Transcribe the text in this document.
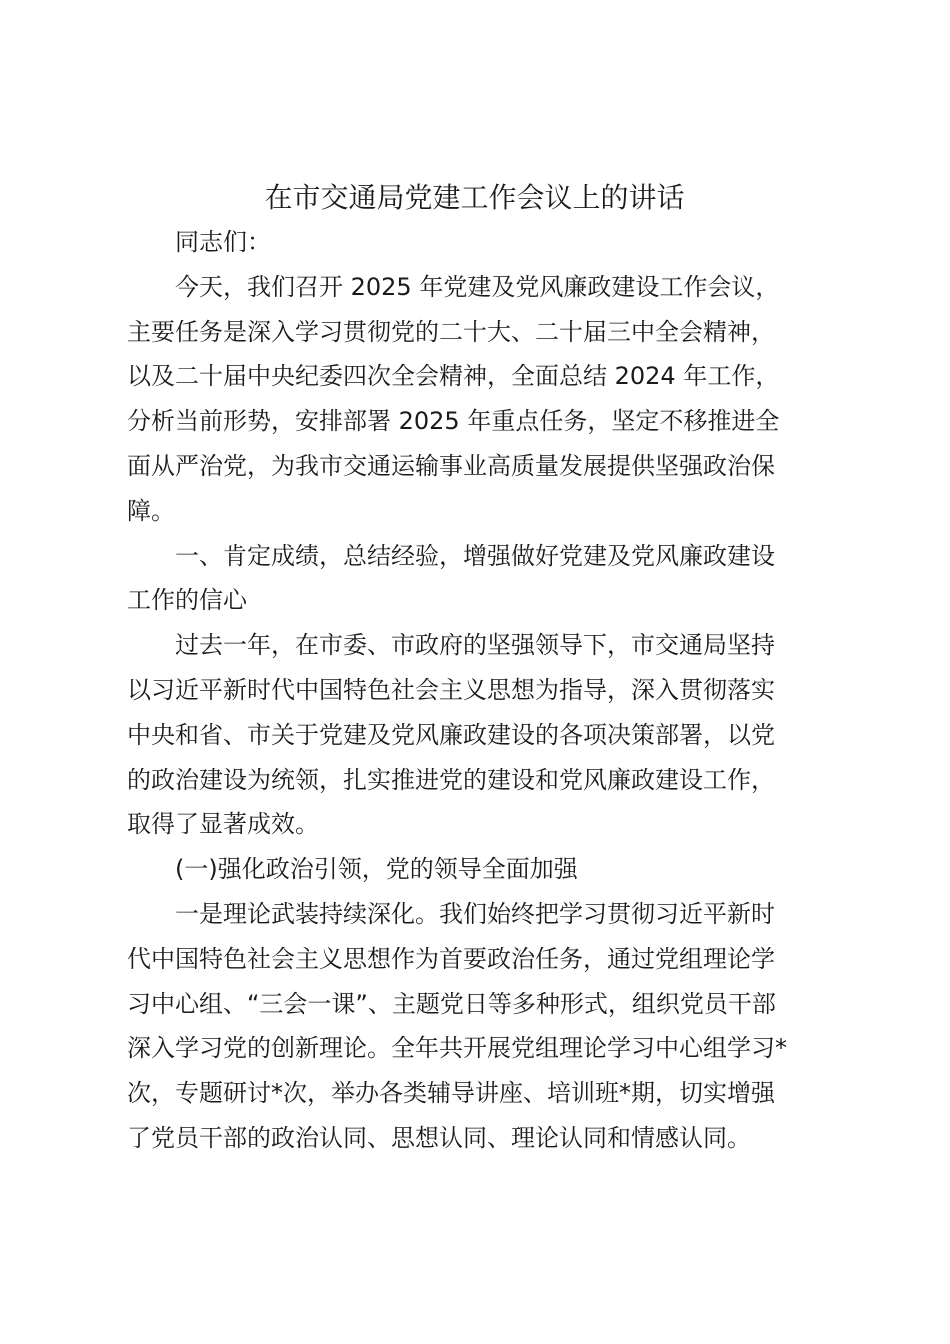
在市交通局党建工作会议上的讲话
同志们：
今天，我们召开 2025 年党建及党风廉政建设工作会议，
主要任务是深入学习贯彻党的二十大、二十届三中全会精神，
以及二十届中央纪委四次全会精神，全面总结 2024 年工作，
分析当前形势，安排部署 2025 年重点任务，坚定不移推进全
面从严治党，为我市交通运输事业高质量发展提供坚强政治保
障。
一、肯定成绩，总结经验，增强做好党建及党风廉政建设
工作的信心
过去一年，在市委、市政府的坚强领导下，市交通局坚持
以习近平新时代中国特色社会主义思想为指导，深入贯彻落实
中央和省、市关于党建及党风廉政建设的各项决策部署，以党
的政治建设为统领，扎实推进党的建设和党风廉政建设工作，
取得了显著成效。
(一)强化政治引领，党的领导全面加强
一是理论武装持续深化。我们始终把学习贯彻习近平新时
代中国特色社会主义思想作为首要政治任务，通过党组理论学
习中心组、“三会一课”、主题党日等多种形式，组织党员干部
深入学习党的创新理论。全年共开展党组理论学习中心组学习*
次，专题研讨*次，举办各类辅导讲座、培训班*期，切实增强
了党员干部的政治认同、思想认同、理论认同和情感认同。
